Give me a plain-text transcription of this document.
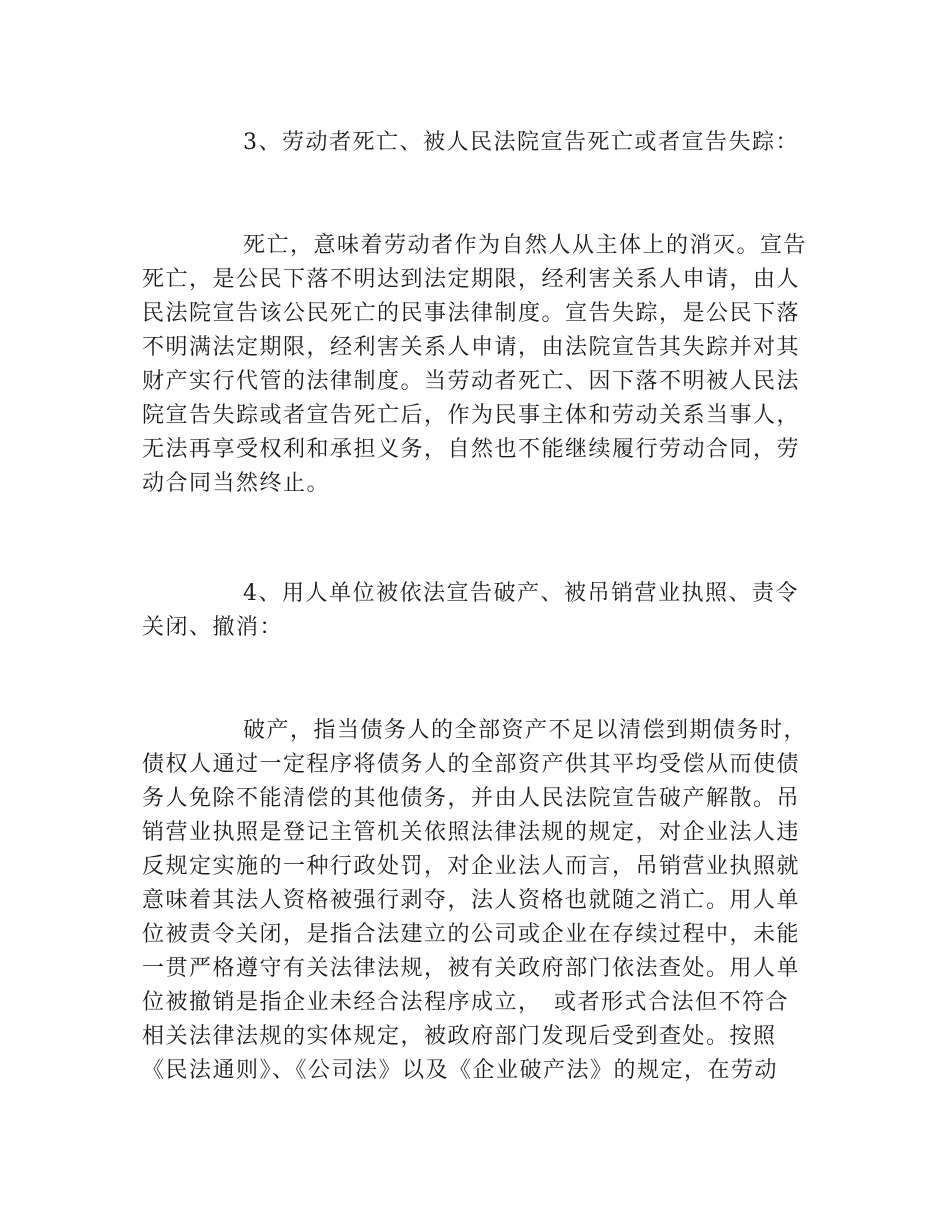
3、劳动者死亡、被人民法院宣告死亡或者宣告失踪：
死亡，意味着劳动者作为自然人从主体上的消灭。宣告
死亡，是公民下落不明达到法定期限，经利害关系人申请，由人
民法院宣告该公民死亡的民事法律制度。宣告失踪，是公民下落
不明满法定期限，经利害关系人申请，由法院宣告其失踪并对其
财产实行代管的法律制度。当劳动者死亡、因下落不明被人民法
院宣告失踪或者宣告死亡后，作为民事主体和劳动关系当事人，
无法再享受权利和承担义务，自然也不能继续履行劳动合同，劳
动合同当然终止。
4、用人单位被依法宣告破产、被吊销营业执照、责令
关闭、撤消：
破产，指当债务人的全部资产不足以清偿到期债务时，
债权人通过一定程序将债务人的全部资产供其平均受偿从而使债
务人免除不能清偿的其他债务，并由人民法院宣告破产解散。吊
销营业执照是登记主管机关依照法律法规的规定，对企业法人违
反规定实施的一种行政处罚，对企业法人而言，吊销营业执照就
意味着其法人资格被强行剥夺，法人资格也就随之消亡。用人单
位被责令关闭，是指合法建立的公司或企业在存续过程中，未能
一贯严格遵守有关法律法规，被有关政府部门依法查处。用人单
位被撤销是指企业未经合法程序成立，　或者形式合法但不符合
相关法律法规的实体规定，被政府部门发现后受到查处。按照
《民法通则》、《公司法》以及《企业破产法》的规定，在劳动
